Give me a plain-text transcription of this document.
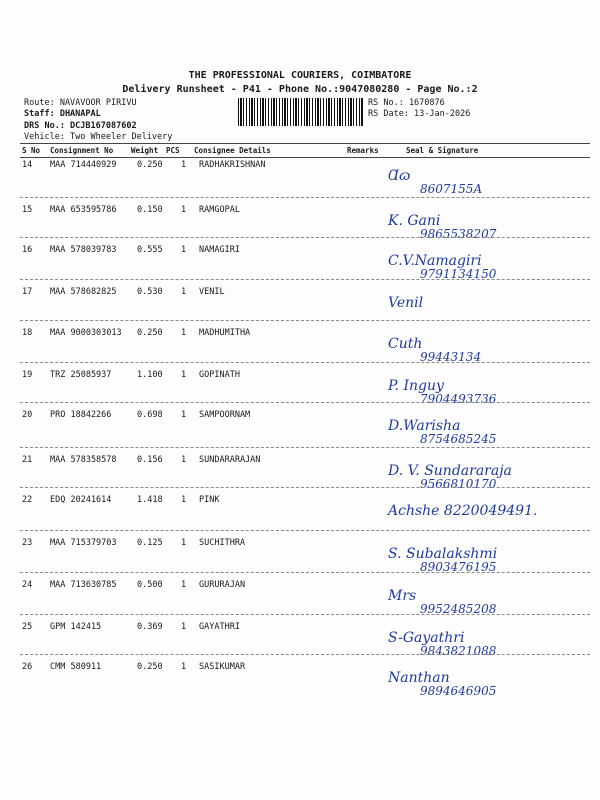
THE PROFESSIONAL COURIERS, COIMBATORE
Delivery Runsheet - P41 - Phone No.:9047080280 - Page No.:2
Route: NAVAVOOR PIRIVU
Staff: DHANAPAL
DRS No.: DCJB167087602
Vehicle: Two Wheeler Delivery
RS No.: 1670876
RS Date: 13-Jan-2026
S No Consignment No Weight PCS Consignee Details	Remarks	Seal & Signature
14 MAA 714440929 0.250 1 RADHAKRISHNAN
Ɑɷ
8607155A
15 MAA 653595786 0.150 1 RAMGOPAL
K. Gani
9865538207
16 MAA 578039783 0.555 1 NAMAGIRI
C.V.Namagiri
9791134150
17 MAA 578682825 0.530 1 VENIL
Venil
18 MAA 9000303013 0.250 1 MADHUMITHA
Cuth
99443134
19 TRZ 25085937	1.100 1 GOPINATH
P. Inguy
7904493736
20 PRO 18842266	0.698 1 SAMPOORNAM
D.Warisha
8754685245
21 MAA 578358578 0.156 1 SUNDARARAJAN
D. V. Sundararaja
9566810170
22 EDQ 20241614	1.418 1 PINK
Achshe 8220049491.
23 MAA 715379703 0.125 1 SUCHITHRA
S. Subalakshmi
8903476195
24 MAA 713630785 0.500 1 GURURAJAN
Mrs
9952485208
25 GPM 142415	0.369 1 GAYATHRI
S-Gayathri
9843821088
26 CMM 580911	0.250 1 SASIKUMAR
Nanthan
9894646905
